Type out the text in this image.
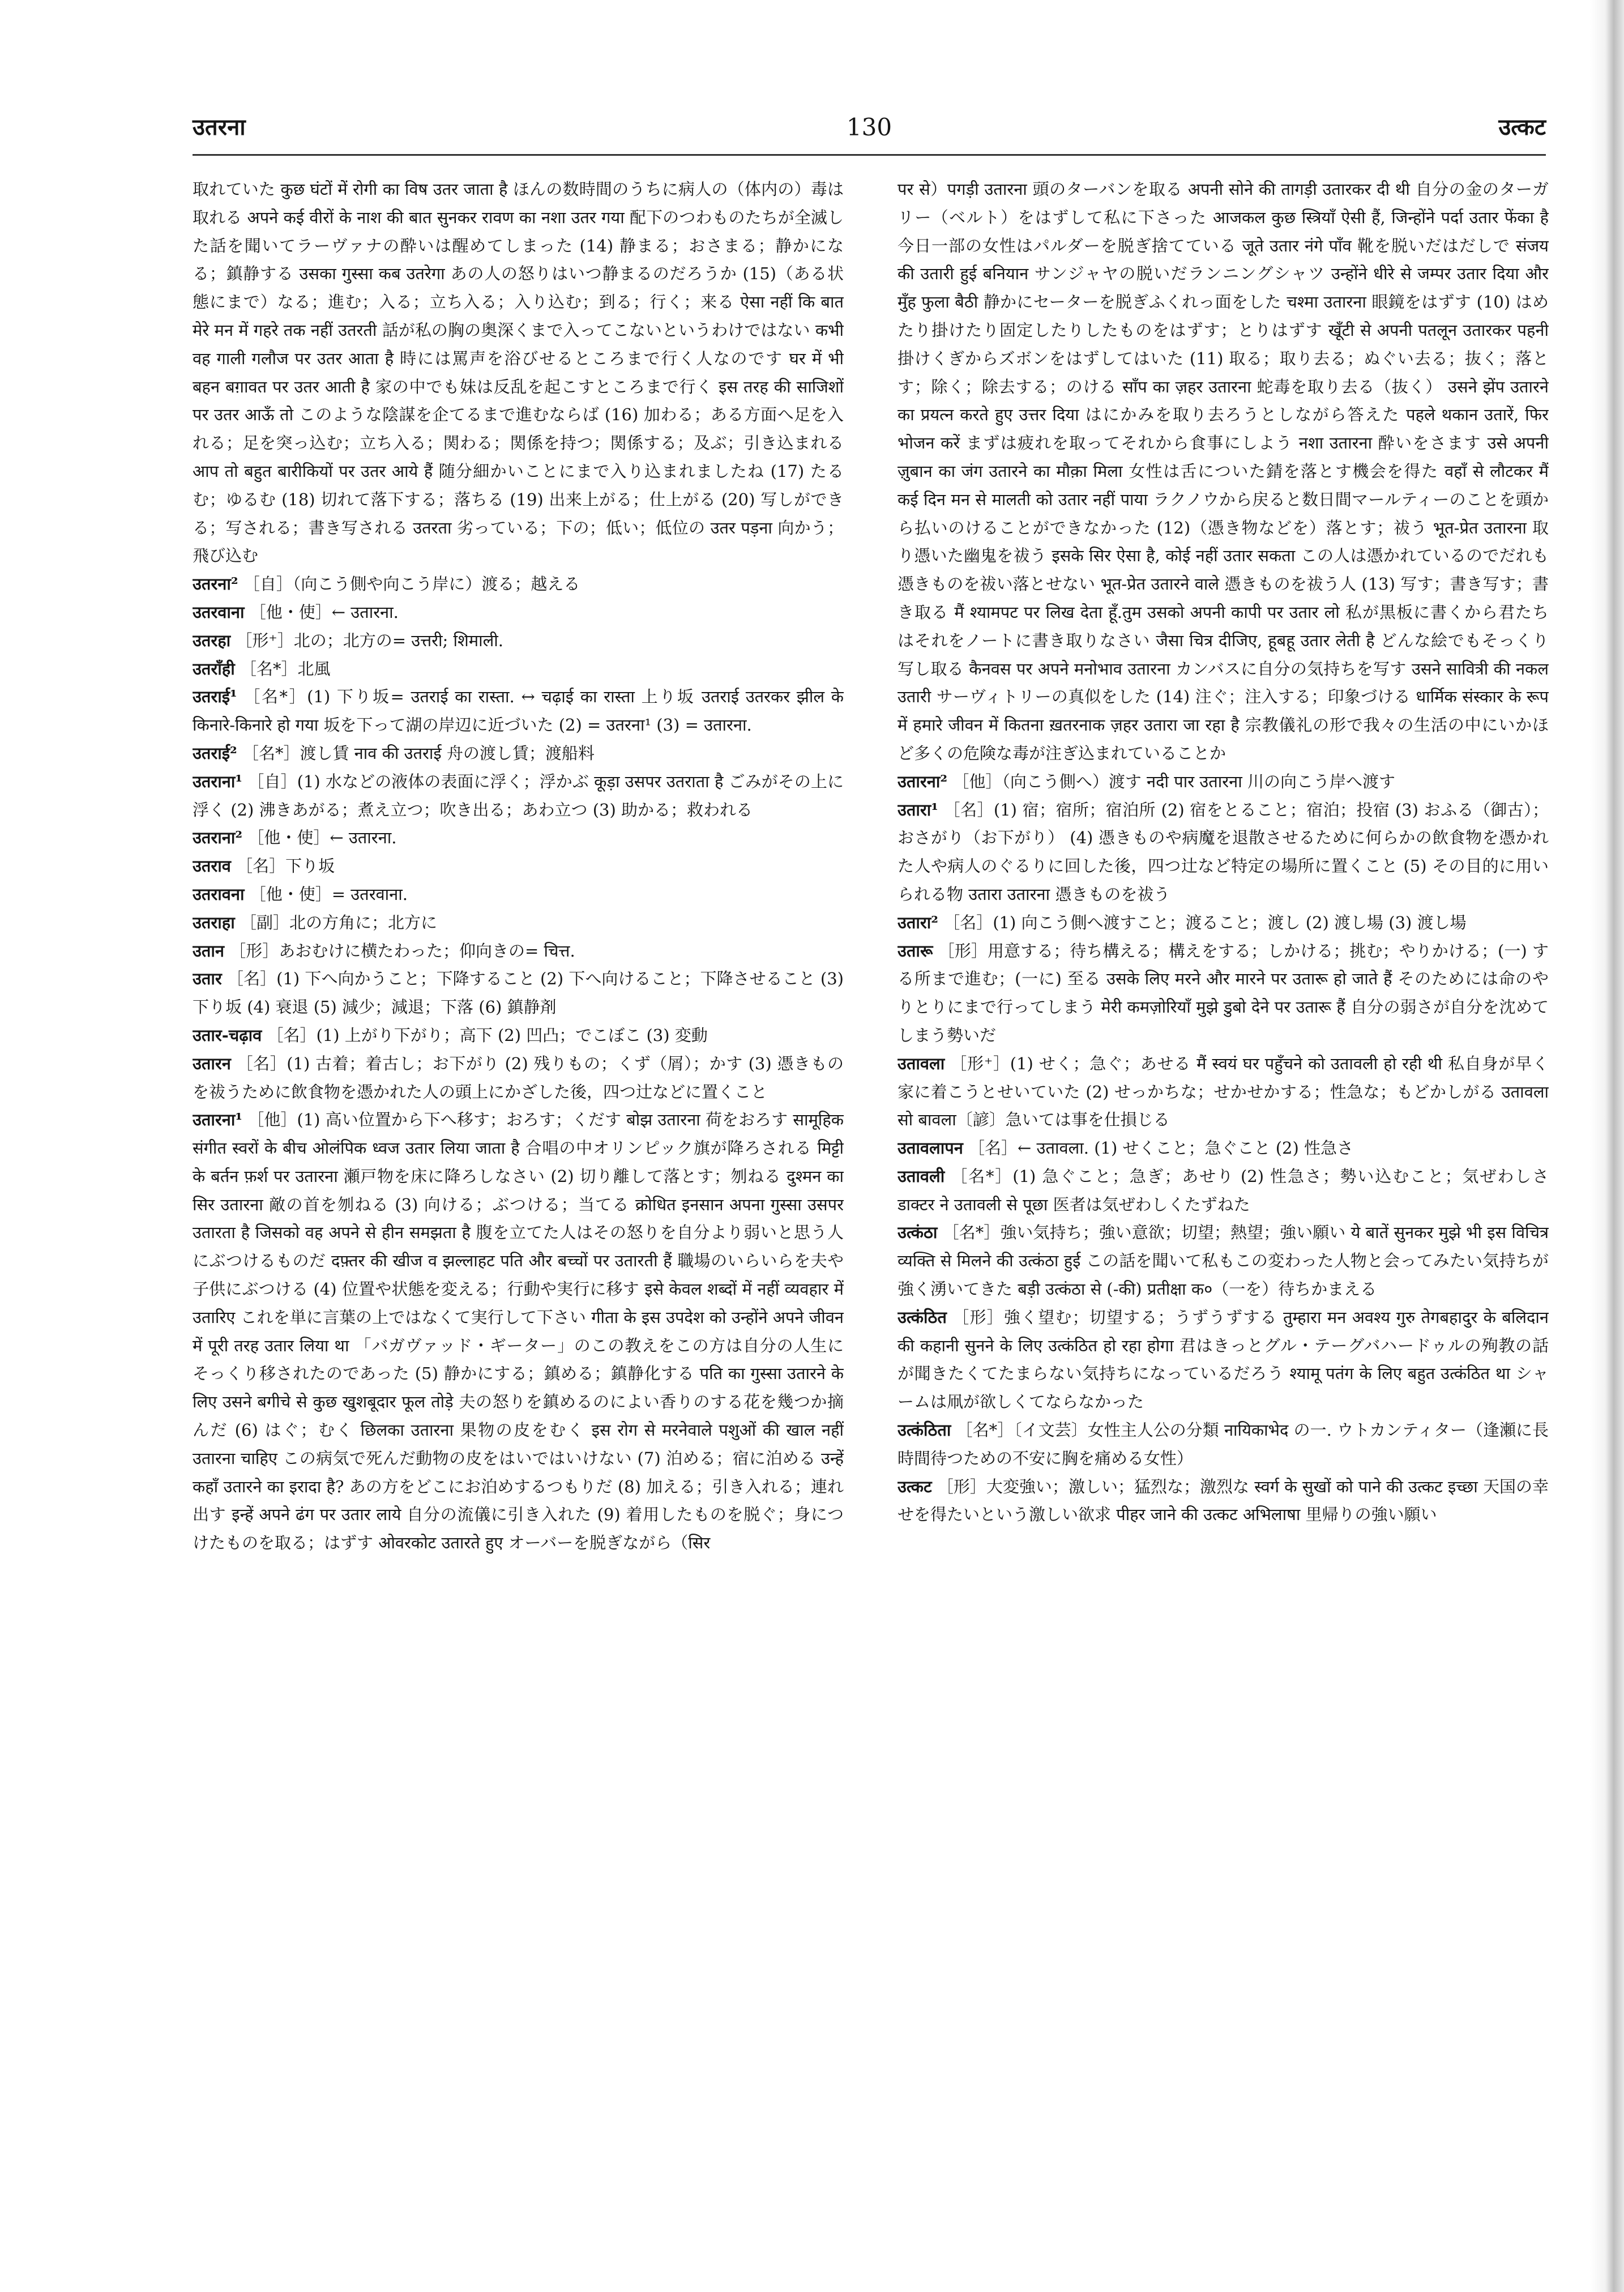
उतरना	130	उत्कट

取れていた कुछ घंटों में रोगी का विष उतर जाता है ほんの数時間のうちに病人の（体内の）毒は取れる अपने कई वीरों के नाश की बात सुनकर रावण का नशा उतर गया 配下のつわものたちが全滅した話を聞いてラーヴァナの酔いは醒めてしまった (14) 静まる；おさまる；静かになる；鎮静する उसका गुस्सा कब उतरेगा あの人の怒りはいつ静まるのだろうか (15)（ある状態にまで）なる；進む；入る；立ち入る；入り込む；到る；行く；来る ऐसा नहीं कि बात मेरे मन में गहरे तक नहीं उतरती 話が私の胸の奥深くまで入ってこないというわけではない कभी वह गाली गलौज पर उतर आता है 時には罵声を浴びせるところまで行く人なのです घर में भी बहन बग़ावत पर उतर आती है 家の中でも妹は反乱を起こすところまで行く इस तरह की साजिशों पर उतर आऊँ तो このような陰謀を企てるまで進むならば (16) 加わる；ある方面へ足を入れる；足を突っ込む；立ち入る；関わる；関係を持つ；関係する；及ぶ；引き込まれる आप तो बहुत बारीकियों पर उतर आये हैं 随分細かいことにまで入り込まれましたね (17) たるむ；ゆるむ (18) 切れて落下する；落ちる (19) 出来上がる；仕上がる (20) 写しができる；写される；書き写される उतरता 劣っている；下の；低い；低位の उतर पड़ना 向かう；飛び込む

उतरना² ［自］（向こう側や向こう岸に）渡る；越える

उतरवाना ［他・使］← उतारना.

उतरहा ［形⁺］北の；北方の= उत्तरी; शिमाली.

उतराँही ［名*］北風

उतराई¹ ［名*］(1) 下り坂= उतराई का रास्ता. ↔ चढ़ाई का रास्ता 上り坂 उतराई उतरकर झील के किनारे-किनारे हो गया 坂を下って湖の岸辺に近づいた (2) = उतरना¹ (3) = उतारना.

उतराई² ［名*］渡し賃 नाव की उतराई 舟の渡し賃；渡船料

उतराना¹ ［自］(1) 水などの液体の表面に浮く；浮かぶ कूड़ा उसपर उतराता है ごみがその上に浮く (2) 沸きあがる；煮え立つ；吹き出る；あわ立つ (3) 助かる；救われる

उतराना² ［他・使］← उतारना.

उतराव ［名］下り坂

उतरावना ［他・使］= उतरवाना.

उतराहा ［副］北の方角に；北方に

उतान ［形］あおむけに横たわった；仰向きの= चित्त.

उतार ［名］(1) 下へ向かうこと；下降すること (2) 下へ向けること；下降させること (3) 下り坂 (4) 衰退 (5) 減少；減退；下落 (6) 鎮静剤

उतार-चढ़ाव ［名］(1) 上がり下がり；高下 (2) 凹凸；でこぼこ (3) 変動

उतारन ［名］(1) 古着；着古し；お下がり (2) 残りもの；くず（屑）；かす (3) 憑きものを祓うために飲食物を憑かれた人の頭上にかざした後，四つ辻などに置くこと

उतारना¹ ［他］(1) 高い位置から下へ移す；おろす；くだす बोझ उतारना 荷をおろす सामूहिक संगीत स्वरों के बीच ओलंपिक ध्वज उतार लिया जाता है 合唱の中オリンピック旗が降ろされる मिट्टी के बर्तन फ़र्श पर उतारना 瀬戸物を床に降ろしなさい (2) 切り離して落とす；刎ねる दुश्मन का सिर उतारना 敵の首を刎ねる (3) 向ける；ぶつける；当てる क्रोधित इनसान अपना गुस्सा उसपर उतारता है जिसको वह अपने से हीन समझता है 腹を立てた人はその怒りを自分より弱いと思う人にぶつけるものだ दफ़्तर की खीज व झल्लाहट पति और बच्चों पर उतारती हैं 職場のいらいらを夫や子供にぶつける (4) 位置や状態を変える；行動や実行に移す इसे केवल शब्दों में नहीं व्यवहार में उतारिए これを単に言葉の上ではなくて実行して下さい गीता के इस उपदेश को उन्होंने अपने जीवन में पूरी तरह उतार लिया था 「バガヴァッド・ギーター」のこの教えをこの方は自分の人生にそっくり移されたのであった (5) 静かにする；鎮める；鎮静化する पति का गुस्सा उतारने के लिए उसने बगीचे से कुछ खुशबूदार फूल तोड़े 夫の怒りを鎮めるのによい香りのする花を幾つか摘んだ (6) はぐ；むく छिलका उतारना 果物の皮をむく इस रोग से मरनेवाले पशुओं की खाल नहीं उतारना चाहिए この病気で死んだ動物の皮をはいではいけない (7) 泊める；宿に泊める उन्हें कहाँ उतारने का इरादा है? あの方をどこにお泊めするつもりだ (8) 加える；引き入れる；連れ出す इन्हें अपने ढंग पर उतार लाये 自分の流儀に引き入れた (9) 着用したものを脱ぐ；身につけたものを取る；はずす ओवरकोट उतारते हुए オーバーを脱ぎながら（सिर

पर से）पगड़ी उतारना 頭のターバンを取る अपनी सोने की तागड़ी उतारकर दी थी 自分の金のターガリー（ベルト）をはずして私に下さった आजकल कुछ स्त्रियाँ ऐसी हैं, जिन्होंने पर्दा उतार फेंका है 今日一部の女性はパルダーを脱ぎ捨てている जूते उतार नंगे पाँव 靴を脱いだはだしで संजय की उतारी हुई बनियान サンジャヤの脱いだランニングシャツ उन्होंने धीरे से जम्पर उतार दिया और मुँह फुला बैठी 静かにセーターを脱ぎふくれっ面をした चश्मा उतारना 眼鏡をはずす (10) はめたり掛けたり固定したりしたものをはずす；とりはずす खूँटी से अपनी पतलून उतारकर पहनी 掛けくぎからズボンをはずしてはいた (11) 取る；取り去る；ぬぐい去る；抜く；落とす；除く；除去する；のける साँप का ज़हर उतारना 蛇毒を取り去る（抜く） उसने झेंप उतारने का प्रयत्न करते हुए उत्तर दिया はにかみを取り去ろうとしながら答えた पहले थकान उतारें, फिर भोजन करें まずは疲れを取ってそれから食事にしよう नशा उतारना 酔いをさます उसे अपनी ज़ुबान का जंग उतारने का मौक़ा मिला 女性は舌についた錆を落とす機会を得た वहाँ से लौटकर मैं कई दिन मन से मालती को उतार नहीं पाया ラクノウから戻ると数日間マールティーのことを頭から払いのけることができなかった (12)（憑き物などを）落とす；祓う भूत-प्रेत उतारना 取り憑いた幽鬼を祓う इसके सिर ऐसा है, कोई नहीं उतार सकता この人は憑かれているのでだれも憑きものを祓い落とせない भूत-प्रेत उतारने वाले 憑きものを祓う人 (13) 写す；書き写す；書き取る मैं श्यामपट पर लिख देता हूँ.तुम उसको अपनी कापी पर उतार लो 私が黒板に書くから君たちはそれをノートに書き取りなさい जैसा चित्र दीजिए, हूबहू उतार लेती है どんな絵でもそっくり写し取る कैनवस पर अपने मनोभाव उतारना カンバスに自分の気持ちを写す उसने सावित्री की नकल उतारी サーヴィトリーの真似をした (14) 注ぐ；注入する；印象づける धार्मिक संस्कार के रूप में हमारे जीवन में कितना ख़तरनाक ज़हर उतारा जा रहा है 宗教儀礼の形で我々の生活の中にいかほど多くの危険な毒が注ぎ込まれていることか

उतारना² ［他］（向こう側へ）渡す नदी पार उतारना 川の向こう岸へ渡す

उतारा¹ ［名］(1) 宿；宿所；宿泊所 (2) 宿をとること；宿泊；投宿 (3) おふる（御古）；おさがり（お下がり） (4) 憑きものや病魔を退散させるために何らかの飲食物を憑かれた人や病人のぐるりに回した後，四つ辻など特定の場所に置くこと (5) その目的に用いられる物 उतारा उतारना 憑きものを祓う

उतारा² ［名］(1) 向こう側へ渡すこと；渡ること；渡し (2) 渡し場 (3) 渡し場

उतारू ［形］用意する；待ち構える；構えをする；しかける；挑む；やりかける；(一) する所まで進む；(一に) 至る उसके लिए मरने और मारने पर उतारू हो जाते हैं そのためには命のやりとりにまで行ってしまう मेरी कमज़ोरियाँ मुझे डुबो देने पर उतारू हैं 自分の弱さが自分を沈めてしまう勢いだ

उतावला ［形⁺］(1) せく；急ぐ；あせる मैं स्वयं घर पहुँचने को उतावली हो रही थी 私自身が早く家に着こうとせいていた (2) せっかちな；せかせかする；性急な；もどかしがる उतावला सो बावला〔諺〕急いては事を仕損じる

उतावलापन ［名］← उतावला. (1) せくこと；急ぐこと (2) 性急さ

उतावली ［名*］(1) 急ぐこと；急ぎ；あせり (2) 性急さ；勢い込むこと；気ぜわしさ डाक्टर ने उतावली से पूछा 医者は気ぜわしくたずねた

उत्कंठा ［名*］強い気持ち；強い意欲；切望；熱望；強い願い ये बातें सुनकर मुझे भी इस विचित्र व्यक्ति से मिलने की उत्कंठा हुई この話を聞いて私もこの変わった人物と会ってみたい気持ちが強く湧いてきた बड़ी उत्कंठा से (-की) प्रतीक्षा क०（一を）待ちかまえる

उत्कंठित ［形］強く望む；切望する；うずうずする तुम्हारा मन अवश्य गुरु तेगबहादुर के बलिदान की कहानी सुनने के लिए उत्कंठित हो रहा होगा 君はきっとグル・テーグバハードゥルの殉教の話が聞きたくてたまらない気持ちになっているだろう श्यामू पतंग के लिए बहुत उत्कंठित था シャームは凧が欲しくてならなかった

उत्कंठिता ［名*］〔イ文芸〕女性主人公の分類 नायिकाभेद の一. ウトカンティター（逢瀬に長時間待つための不安に胸を痛める女性）

उत्कट ［形］大変強い；激しい；猛烈な；激烈な स्वर्ग के सुखों को पाने की उत्कट इच्छा 天国の幸せを得たいという激しい欲求 पीहर जाने की उत्कट अभिलाषा 里帰りの強い願い
